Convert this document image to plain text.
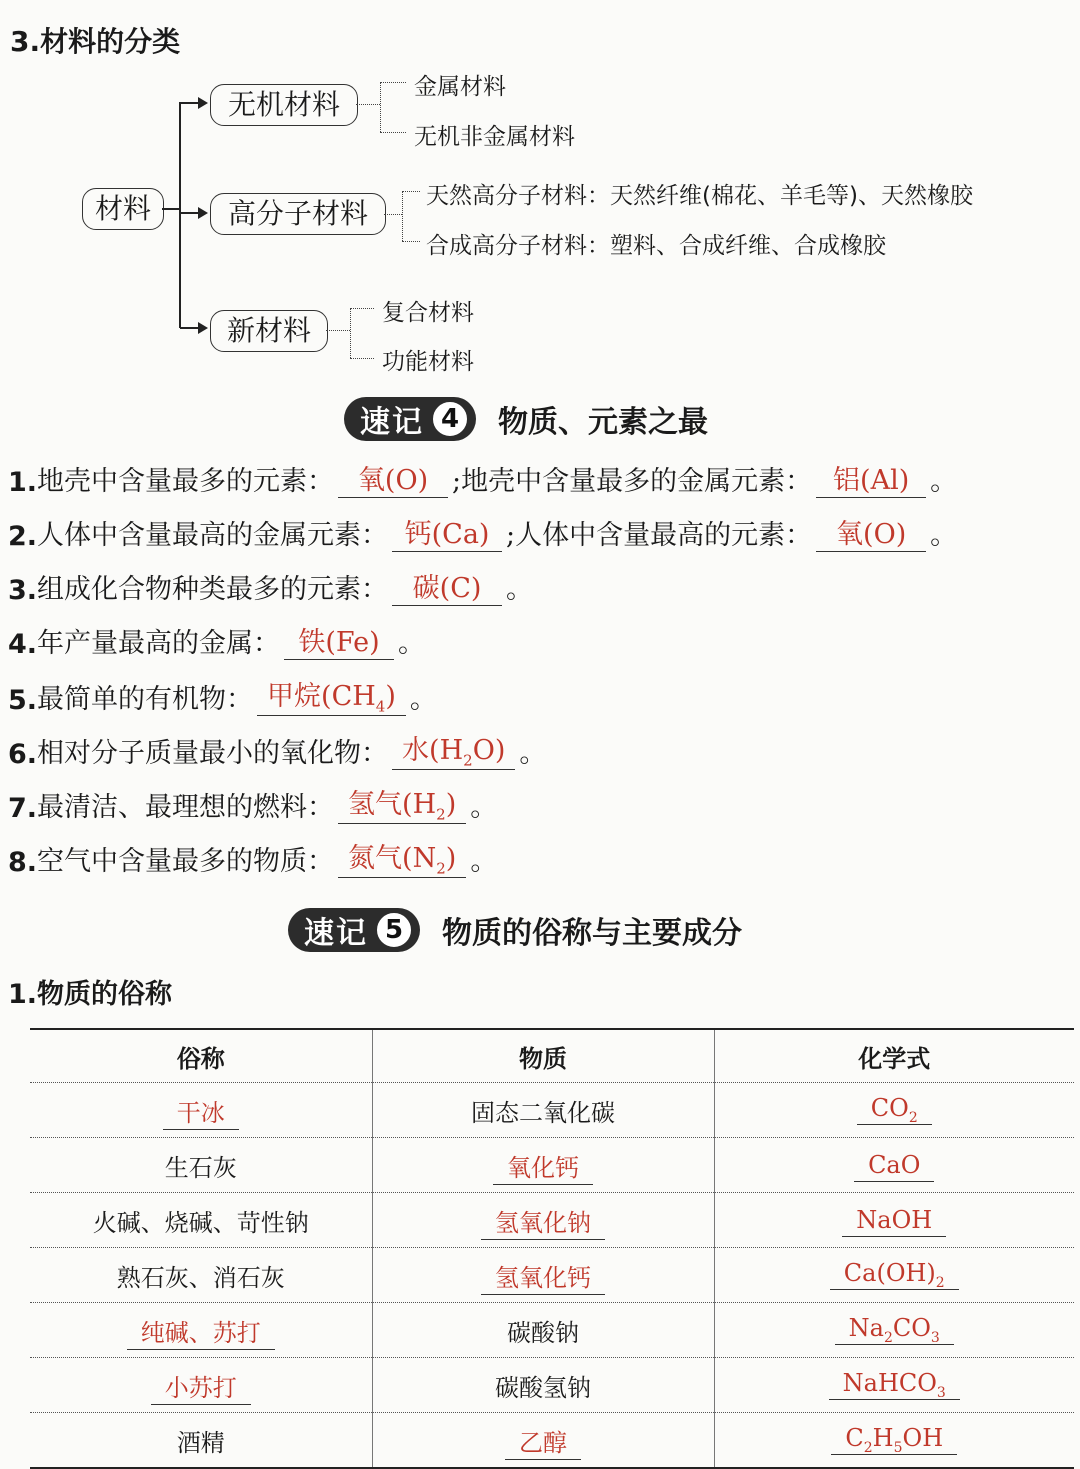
3.材料的分类
材料
无机材料
高分子材料
新材料
金属材料
无机非金属材料
天然高分子材料：天然纤维(棉花、羊毛等)、天然橡胶
合成高分子材料：塑料、合成纤维、合成橡胶
复合材料
功能材料
速记 4	物质、元素之最
1. 地壳中含量最多的元素： 氧(O) ;地壳中含量最多的金属元素： 铝(Al) 。
2. 人体中含量最高的金属元素： 钙(Ca) ;人体中含量最高的元素： 氧(O) 。
3. 组成化合物种类最多的元素： 碳(C) 。
4. 年产量最高的金属： 铁(Fe) 。
5. 最简单的有机物： 甲烷$(CH_4)$ 。
6. 相对分子质量最小的氧化物： 水$(H_2O)$ 。
7. 最清洁、最理想的燃料： 氢气$(H_2)$ 。
8. 空气中含量最多的物质： 氮气$(N_2)$ 。
速记 5	物质的俗称与主要成分
1.物质的俗称
俗称	物质	化学式
干冰	固态二氧化碳	$CO_2$
生石灰	氧化钙	CaO
火碱、烧碱、苛性钠	氢氧化钠	NaOH
熟石灰、消石灰	氢氧化钙	$Ca(OH)_2$
纯碱、苏打	碳酸钠	$Na_2CO_3$
小苏打	碳酸氢钠	NaHCO$_3$
酒精	乙醇	$C_2H_5OH$
